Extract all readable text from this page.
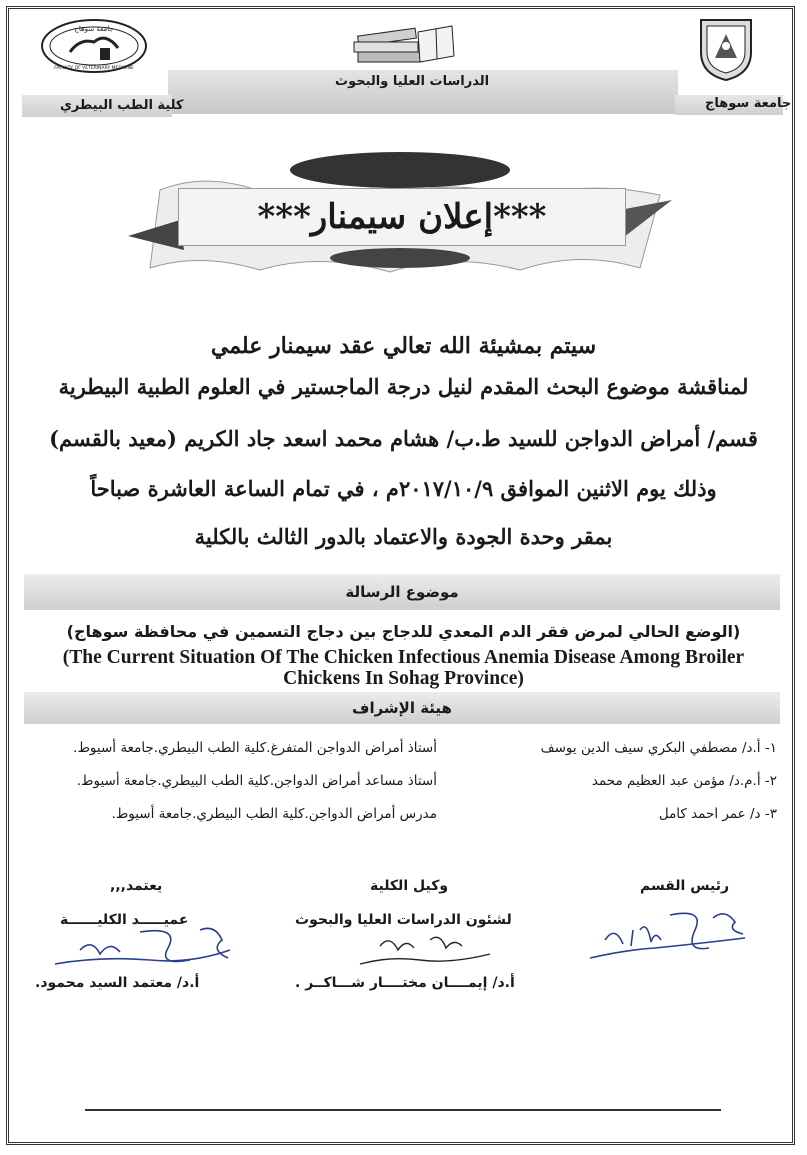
جامعة سوهاج
FACULTY OF VETERINARY MEDICINE
الدراسات العليا والبحوث
كلية الطب البيطري	جامعة سوهاج
***إعلان سيمنار***
سيتم بمشيئة الله تعالي عقد سيمنار علمي
لمناقشة موضوع البحث المقدم لنيل درجة الماجستير في العلوم الطبية البيطرية
قسم/ أمراض الدواجن للسيد ط.ب/ هشام محمد اسعد جاد الكريم (معيد بالقسم)
وذلك يوم الاثنين الموافق ٢٠١٧/١٠/٩م ، في تمام الساعة العاشرة صباحاً
بمقر وحدة الجودة والاعتماد بالدور الثالث بالكلية
موضوع الرسالة
(الوضع الحالي لمرض فقر الدم المعدي للدجاج بين دجاج التسمين في محافظة سوهاج)
(The Current Situation Of The Chicken Infectious Anemia Disease Among Broiler Chickens In Sohag Province)
هيئة الإشراف
١- أ.د/ مصطفي البكري سيف الدين يوسف
أستاذ أمراض الدواجن المتفرغ.كلية الطب البيطري.جامعة أسيوط.
٢- أ.م.د/ مؤمن عبد العظيم محمد
أستاذ مساعد أمراض الدواجن.كلية الطب البيطري.جامعة أسيوط.
٣- د/ عمر احمد كامل
مدرس أمراض الدواجن.كلية الطب البيطري.جامعة أسيوط.
رئيس القسم
وكيل الكلية
يعتمد,,,
لشئون الدراسات العليا والبحوث
عميـــــد الكليــــــة
أ.د/ إيمــــان مختــــار شـــاكــر .
أ.د/ معتمد السيد محمود.
